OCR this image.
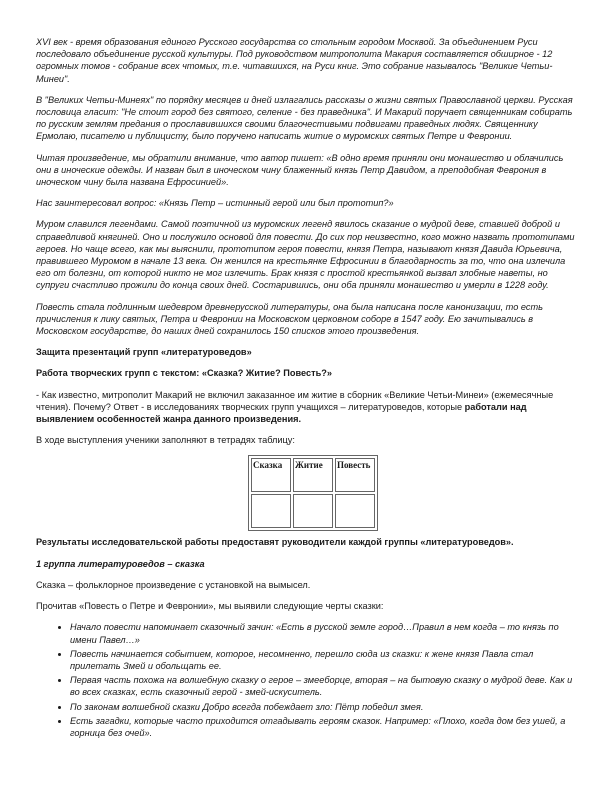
XVI век - время образования единого Русского государства со стольным городом Москвой. За объединением Руси последовало объединение русской культуры. Под руководством митрополита Макария составляется обширное - 12 огромных томов - собрание всех чтомых, т.е. читавшихся, на Руси книг. Это собрание называлось "Великие Четьи-Минеи".

В "Великих Четьи-Минеях" по порядку месяцев и дней излагались рассказы о жизни святых Православной церкви. Русская пословица гласит: "Не стоит город без святого, селение - без праведника". И Макарий поручает священникам собирать по русским землям предания о прославившихся своими благочестивыми подвигами праведных людях. Священнику Ермолаю, писателю и публицисту, было поручено написать житие о муромских святых Петре и Февронии.

Читая произведение, мы обратили внимание, что автор пишет: «В одно время приняли они монашество и облачились они в иноческие одежды. И назван был в иноческом чину блаженный князь Петр Давидом, а преподобная Феврония в иноческом чину была названа Ефросинией».

Нас заинтересовал вопрос: «Князь Петр – истинный герой или был прототип?»

Муром славился легендами. Самой поэтичной из муромских легенд явилось сказание о мудрой деве, ставшей доброй и справедливой княгиней. Оно и послужило основой для повести. До сих пор неизвестно, кого можно назвать прототипами героев. Но чаще всего, как мы выяснили, прототипом героя повести, князя Петра, называют князя Давида Юрьевича, правившего Муромом в начале 13 века. Он женился на крестьянке Ефросинии в благодарность за то, что она излечила его от болезни, от которой никто не мог излечить. Брак князя с простой крестьянкой вызвал злобные наветы, но супруги счастливо прожили до конца своих дней. Состарившись, они оба приняли монашество и умерли в 1228 году.

Повесть стала подлинным шедевром древнерусской литературы, она была написана после канонизации, то есть причисления к лику святых, Петра и Февронии на Московском церковном соборе в 1547 году. Ею зачитывались в Московском государстве, до наших дней сохранилось 150 списков этого произведения.

Защита презентаций групп «литературоведов»

Работа творческих групп с текстом: «Сказка? Житие? Повесть?»

- Как известно, митрополит Макарий не включил заказанное им житие в сборник «Великие Четьи-Минеи» (ежемесячные чтения). Почему? Ответ - в исследованиях творческих групп учащихся – литературоведов, которые работали над выявлением особенностей жанра данного произведения.

В ходе выступления ученики заполняют в тетрадях таблицу:

Сказка	Житие	Повесть

Результаты исследовательской работы предоставят руководители каждой группы «литературоведов».

1 группа литературоведов – сказка

Сказка – фольклорное произведение с установкой на вымысел.

Прочитав «Повесть о Петре и Февронии», мы выявили следующие черты сказки:

• Начало повести напоминает сказочный зачин: «Есть в русской земле город…Правил в нем когда – то князь по имени Павел…»
• Повесть начинается событием, которое, несомненно, перешло сюда из сказки: к жене князя Павла стал прилетать Змей и обольщать ее.
• Первая часть похожа на волшебную сказку о герое – змееборце, вторая – на бытовую сказку о мудрой деве. Как и во всех сказках, есть сказочный герой - змей-искуситель.
• По законам волшебной сказки Добро всегда побеждает зло: Пётр победил змея.
• Есть загадки, которые часто приходится отгадывать героям сказок. Например: «Плохо, когда дом без ушей, а горница без очей».
